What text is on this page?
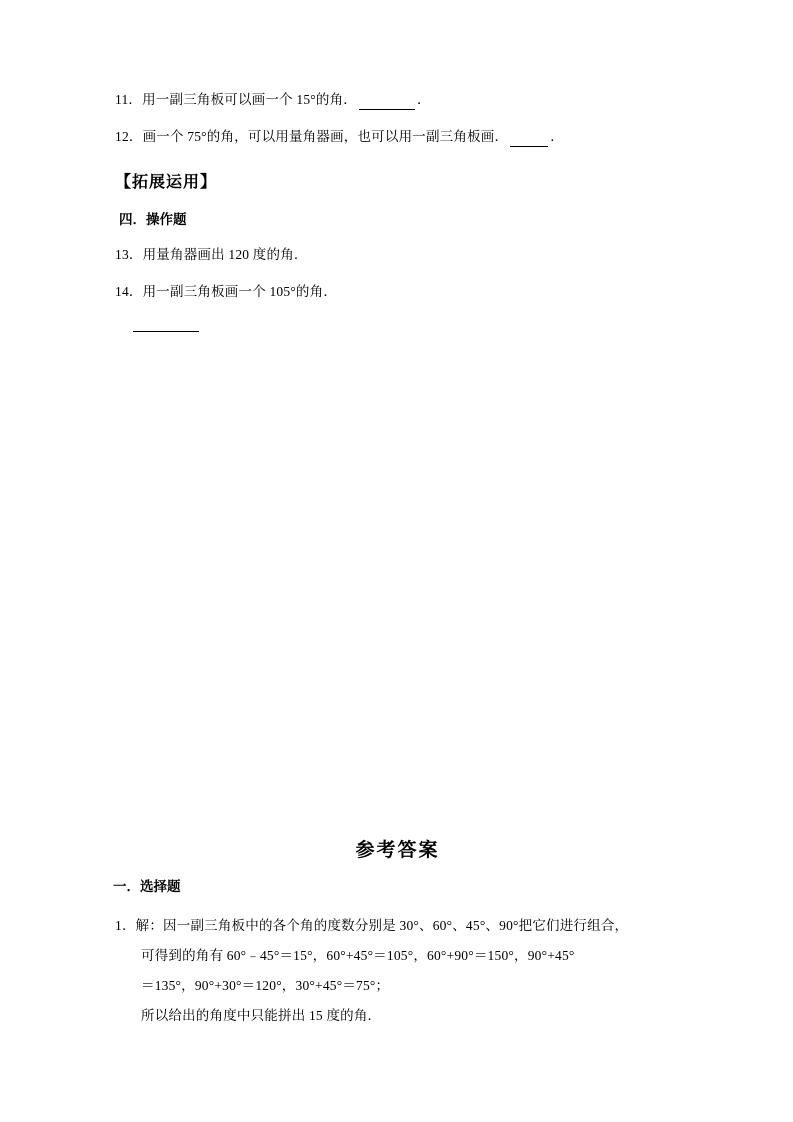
11．用一副三角板可以画一个 15°的角．	．
12．画一个 75°的角，可以用量角器画，也可以用一副三角板画．	．
【拓展运用】
四．操作题
13．用量角器画出 120 度的角．
14．用一副三角板画一个 105°的角．
参考答案
一．选择题
1．解：因一副三角板中的各个角的度数分别是 30°、60°、45°、90°把它们进行组合，
可得到的角有 60°﹣45°＝15°，60°+45°＝105°，60°+90°＝150°，90°+45°
＝135°，90°+30°＝120°，30°+45°＝75°；
所以给出的角度中只能拼出 15 度的角．
